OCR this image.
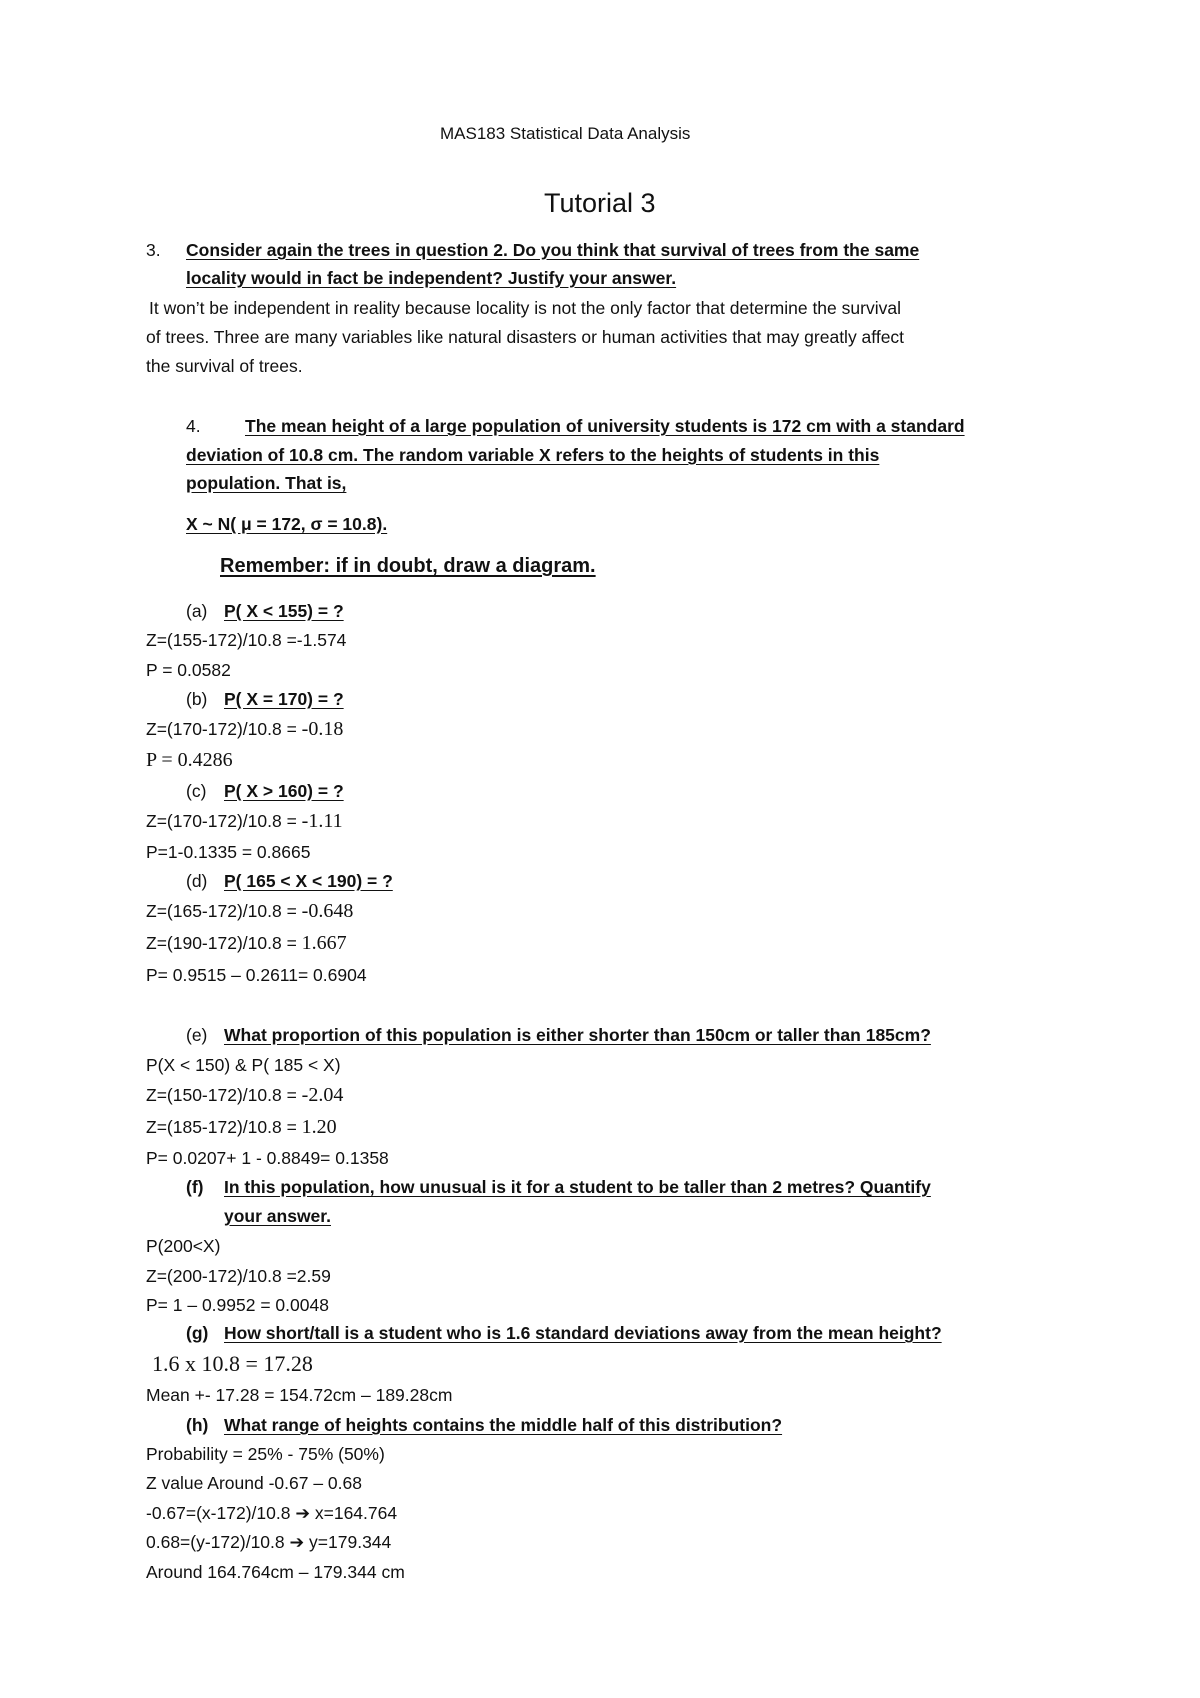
MAS183 Statistical Data Analysis
Tutorial 3
3. Consider again the trees in question 2. Do you think that survival of trees from the same
locality would in fact be independent? Justify your answer.
It won’t be independent in reality because locality is not the only factor that determine the survival
of trees. Three are many variables like natural disasters or human activities that may greatly affect
the survival of trees.
4.	The mean height of a large population of university students is 172 cm with a standard
deviation of 10.8 cm. The random variable X refers to the heights of students in this
population. That is,
X ~ N( μ = 172, σ = 10.8).
Remember: if in doubt, draw a diagram.
(a) P( X < 155) = ?
Z=(155-172)/10.8 =-1.574
P = 0.0582
(b) P( X = 170) = ?
Z=(170-172)/10.8 = -0.18
P = 0.4286
(c) P( X > 160) = ?
Z=(170-172)/10.8 = -1.11
P=1-0.1335 = 0.8665
(d) P( 165 < X < 190) = ?
Z=(165-172)/10.8 = -0.648
Z=(190-172)/10.8 = 1.667
P= 0.9515 – 0.2611= 0.6904
(e) What proportion of this population is either shorter than 150cm or taller than 185cm?
P(X < 150) & P( 185 < X)
Z=(150-172)/10.8 = -2.04
Z=(185-172)/10.8 = 1.20
P= 0.0207+ 1 - 0.8849= 0.1358
(f) In this population, how unusual is it for a student to be taller than 2 metres? Quantify
your answer.
P(200<X)
Z=(200-172)/10.8 =2.59
P= 1 – 0.9952 = 0.0048
(g) How short/tall is a student who is 1.6 standard deviations away from the mean height?
1.6 x 10.8 = 17.28
Mean +- 17.28 = 154.72cm – 189.28cm
(h) What range of heights contains the middle half of this distribution?
Probability = 25% - 75% (50%)
Z value Around -0.67 – 0.68
-0.67=(x-172)/10.8 ➔ x=164.764
0.68=(y-172)/10.8 ➔ y=179.344
Around 164.764cm – 179.344 cm
